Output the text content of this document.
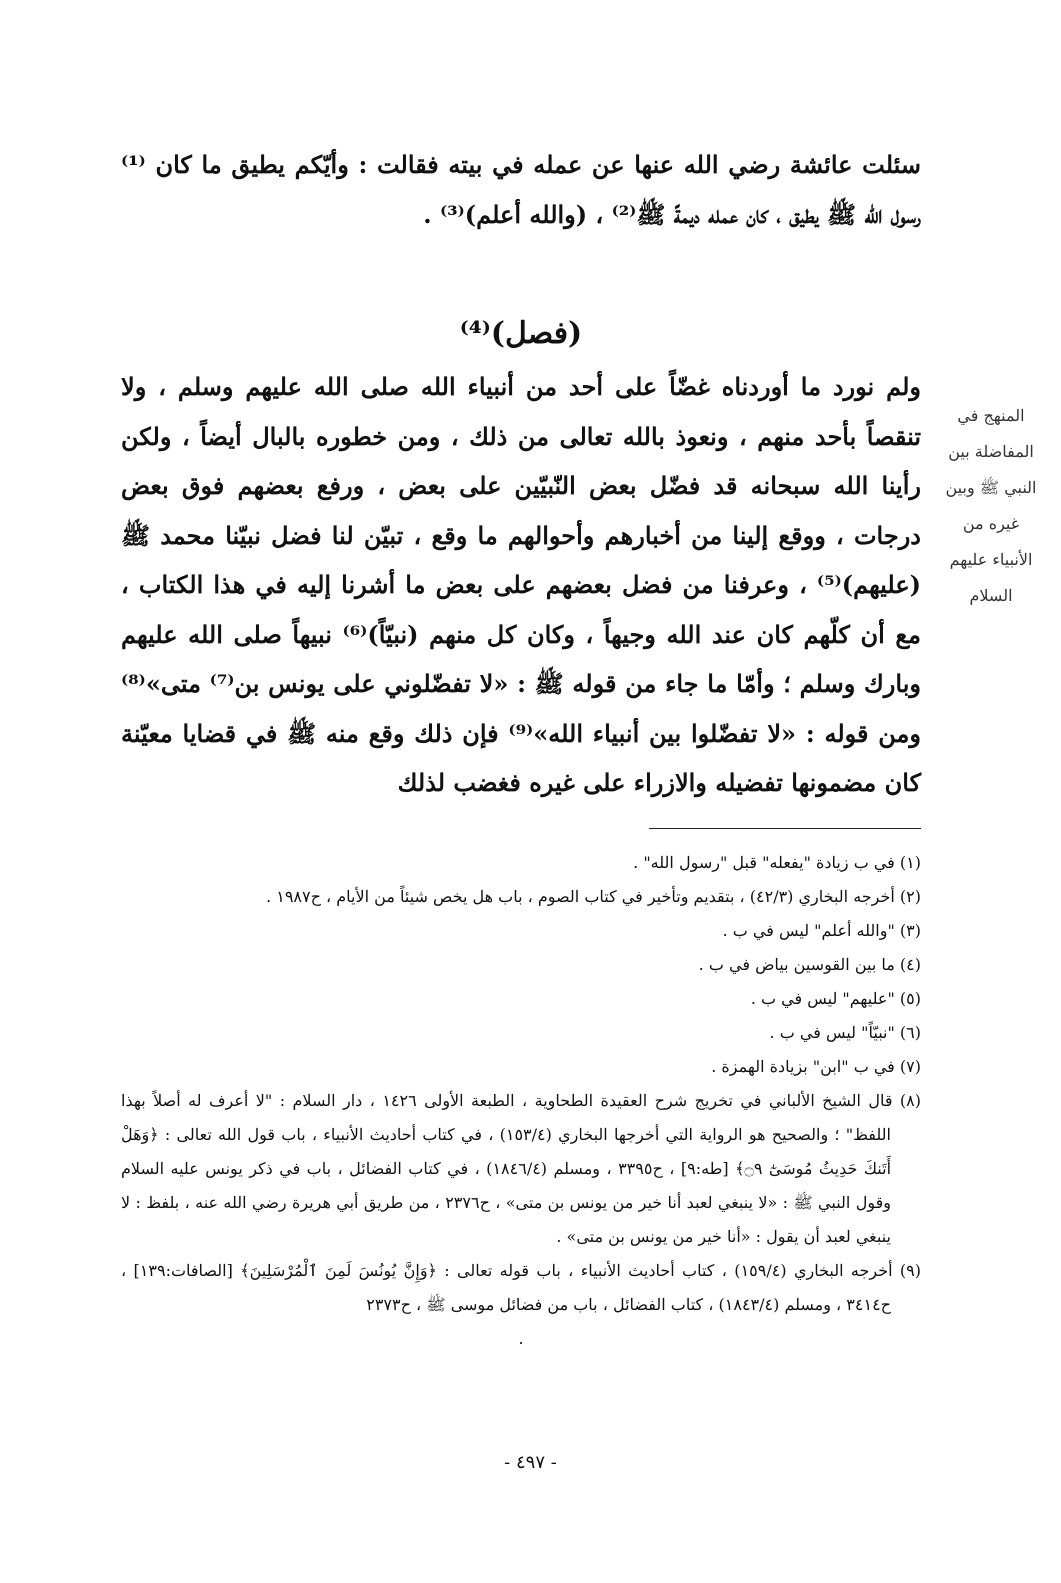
سئلت عائشة رضي الله عنها عن عمله في بيته فقالت : وأيّكم يطيق ما كان ⁽¹⁾رسول الله ﷺ يطيق ، كان عمله ديمةً ﷺ⁽²⁾ ، (والله أعلم)⁽³⁾ .
(فصل)⁽⁴⁾
ولم نورد ما أوردناه غضّاً على أحد من أنبياء الله صلى الله عليهم وسلم ، ولا تنقصاً بأحد منهم ، ونعوذ بالله تعالى من ذلك ، ومن خطوره بالبال أيضاً ، ولكن رأينا الله سبحانه قد فضّل بعض النّبيّين على بعض ، ورفع بعضهم فوق بعض درجات ، ووقع إلينا من أخبارهم وأحوالهم ما وقع ، تبيّن لنا فضل نبيّنا محمد ﷺ (عليهم)⁽⁵⁾ ، وعرفنا من فضل بعضهم على بعض ما أشرنا إليه في هذا الكتاب ، مع أن كلّهم كان عند الله وجيهاً ، وكان كل منهم (نبيّاً)⁽⁶⁾ نبيهاً صلى الله عليهم وبارك وسلم ؛ وأمّا ما جاء من قوله ﷺ : «لا تفضّلوني على يونس بن⁽⁷⁾ متى»⁽⁸⁾ ومن قوله : «لا تفضّلوا بين أنبياء الله»⁽⁹⁾ فإن ذلك وقع منه ﷺ في قضايا معيّنة كان مضمونها تفضيله والازراء على غيره فغضب لذلك
المنهج في المفاضلة بين النبي ﷺ وبين غيره من الأنبياء عليهم السلام

(١) في ب زيادة "يفعله" قبل "رسول الله" .

(٢) أخرجه البخاري (٤٢/٣) ، بتقديم وتأخير في كتاب الصوم ، باب هل يخص شيئاً من الأيام ، ح١٩٨٧ .

(٣) "والله أعلم" ليس في ب .

(٤) ما بين القوسين بياض في ب .

(٥) "عليهم" ليس في ب .

(٦) "نبيّاً" ليس في ب .

(٧) في ب "ابن" بزيادة الهمزة .

(٨) قال الشيخ الألباني في تخريج شرح العقيدة الطحاوية ، الطبعة الأولى ١٤٢٦ ، دار السلام : "لا أعرف له أصلاً بهذا اللفظ" ؛ والصحيح هو الرواية التي أخرجها البخاري (١٥٣/٤) ، في كتاب أحاديث الأنبياء ، باب قول الله تعالى : ﴿وَهَلْ أَتَنكَ حَدِيثُ مُوسَىٰٓ ۝٩﴾ [طه:٩] ، ح٣٣٩٥ ، ومسلم (١٨٤٦/٤) ، في كتاب الفضائل ، باب في ذكر يونس عليه السلام وقول النبي ﷺ : «لا ينبغي لعبد أنا خير من يونس بن متى» ، ح٢٣٧٦ ، من طريق أبي هريرة رضي الله عنه ، بلفظ : لا ينبغي لعبد أن يقول : «أنا خير من يونس بن متى» .

(٩) أخرجه البخاري (١٥٩/٤) ، كتاب أحاديث الأنبياء ، باب قوله تعالى : ﴿وَإِنَّ يُونُسَ لَمِنَ ٱلْمُرْسَلِينَ﴾ [الصافات:١٣٩] ، ح٣٤١٤ ، ومسلم (١٨٤٣/٤) ، كتاب الفضائل ، باب من فضائل موسى ﷺ ، ح٢٣٧٣

.

- ٤٩٧ -
